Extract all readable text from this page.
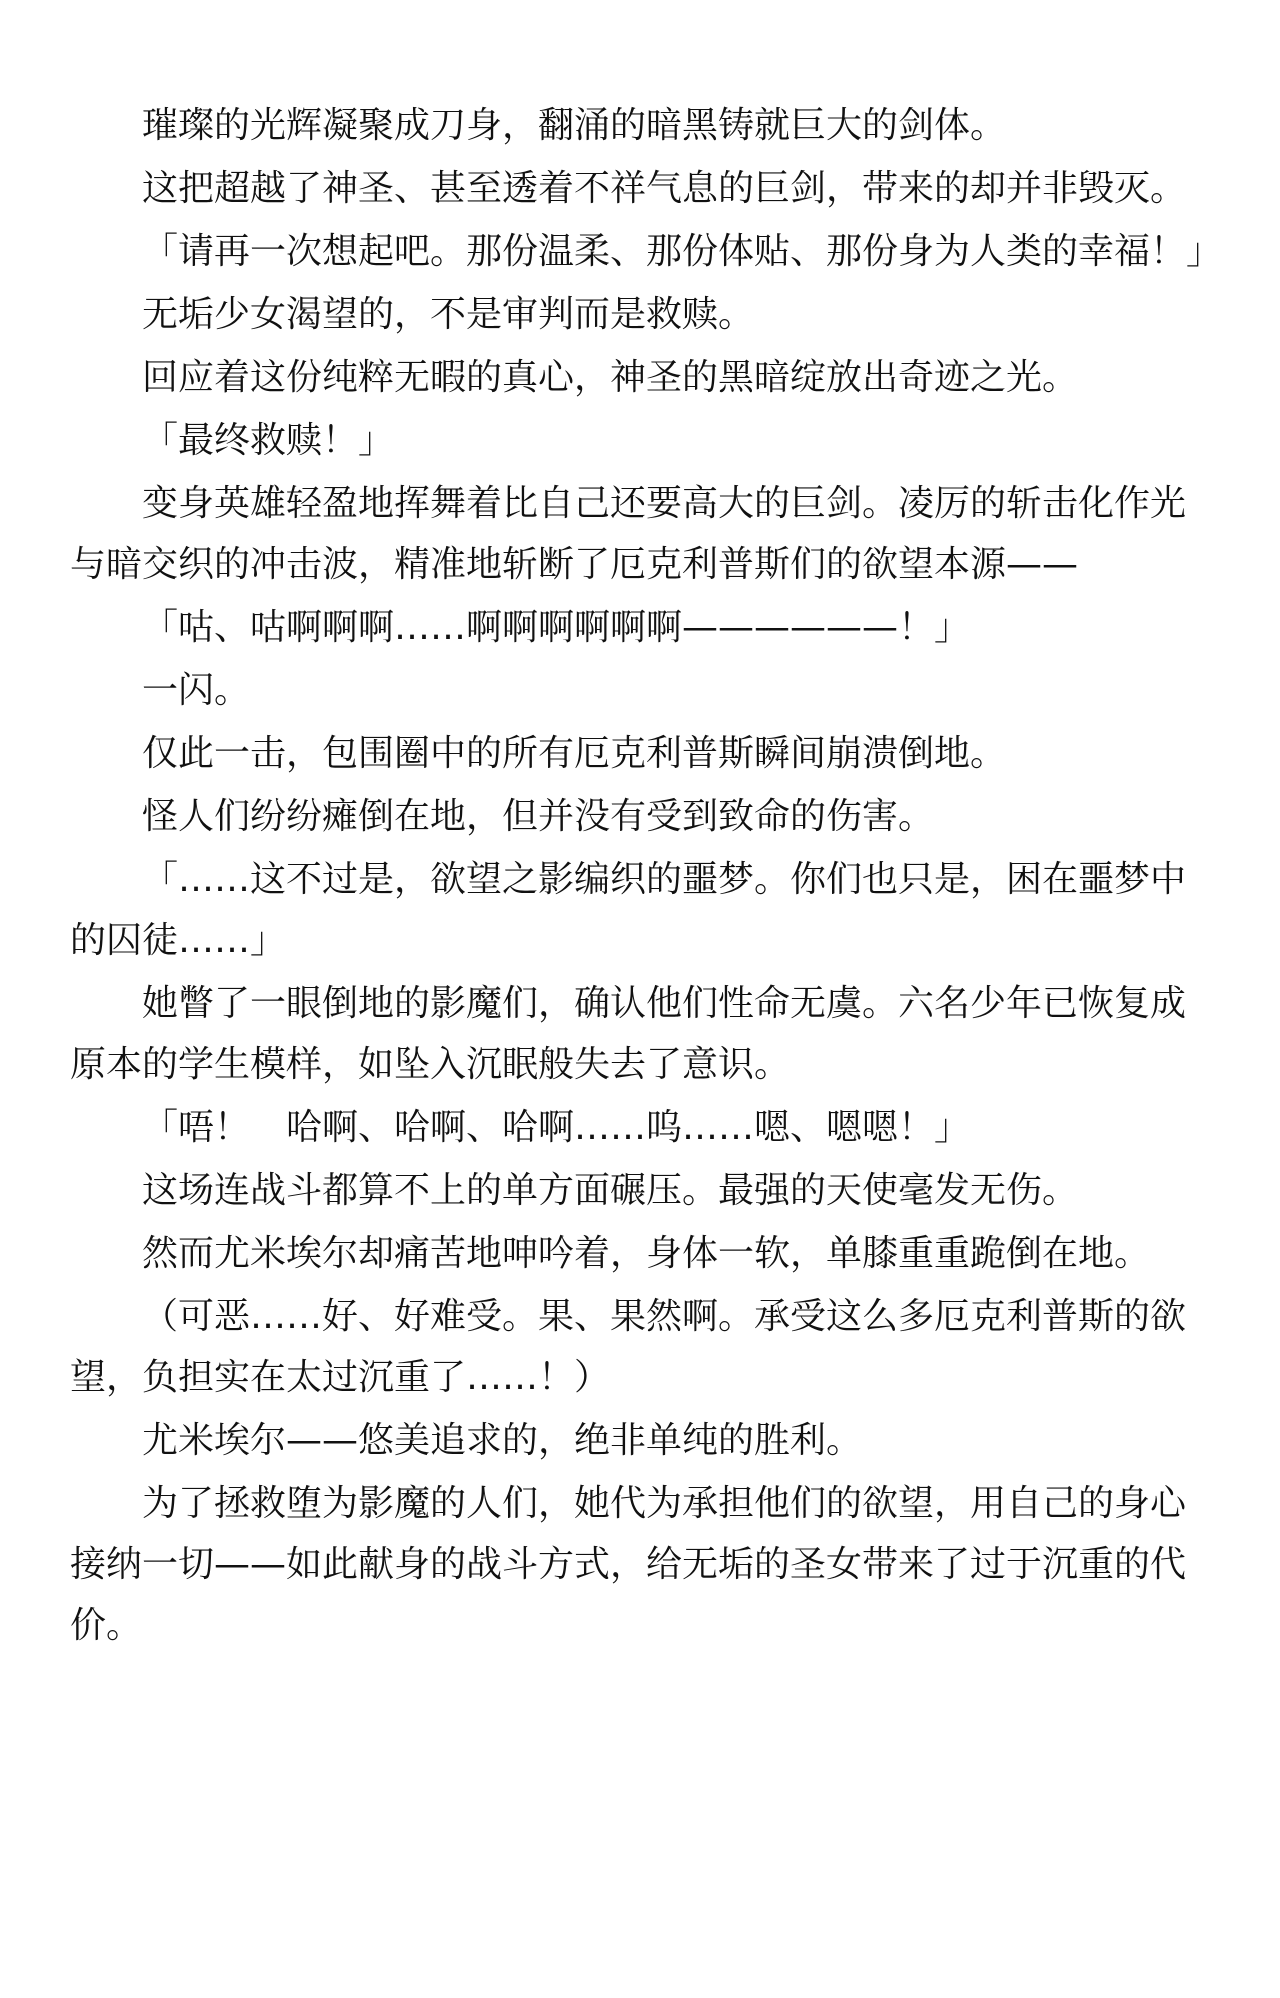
璀璨的光辉凝聚成刀身，翻涌的暗黑铸就巨大的剑体。

这把超越了神圣、甚至透着不祥气息的巨剑，带来的却并非毁灭。

「请再一次想起吧。那份温柔、那份体贴、那份身为人类的幸福！」

无垢少女渴望的，不是审判而是救赎。

回应着这份纯粹无暇的真心，神圣的黑暗绽放出奇迹之光。

「最终救赎！」

变身英雄轻盈地挥舞着比自己还要高大的巨剑。凌厉的斩击化作光与暗交织的冲击波，精准地斩断了厄克利普斯们的欲望本源——

「咕、咕啊啊啊……啊啊啊啊啊啊——————！」

一闪。

仅此一击，包围圈中的所有厄克利普斯瞬间崩溃倒地。

怪人们纷纷瘫倒在地，但并没有受到致命的伤害。

「……这不过是，欲望之影编织的噩梦。你们也只是，困在噩梦中的囚徒……」

她瞥了一眼倒地的影魔们，确认他们性命无虞。六名少年已恢复成原本的学生模样，如坠入沉眠般失去了意识。

「唔！　哈啊、哈啊、哈啊……呜……嗯、嗯嗯！」

这场连战斗都算不上的单方面碾压。最强的天使毫发无伤。

然而尤米埃尔却痛苦地呻吟着，身体一软，单膝重重跪倒在地。

（可恶……好、好难受。果、果然啊。承受这么多厄克利普斯的欲望，负担实在太过沉重了……！）

尤米埃尔——悠美追求的，绝非单纯的胜利。

为了拯救堕为影魔的人们，她代为承担他们的欲望，用自己的身心接纳一切——如此献身的战斗方式，给无垢的圣女带来了过于沉重的代价。
